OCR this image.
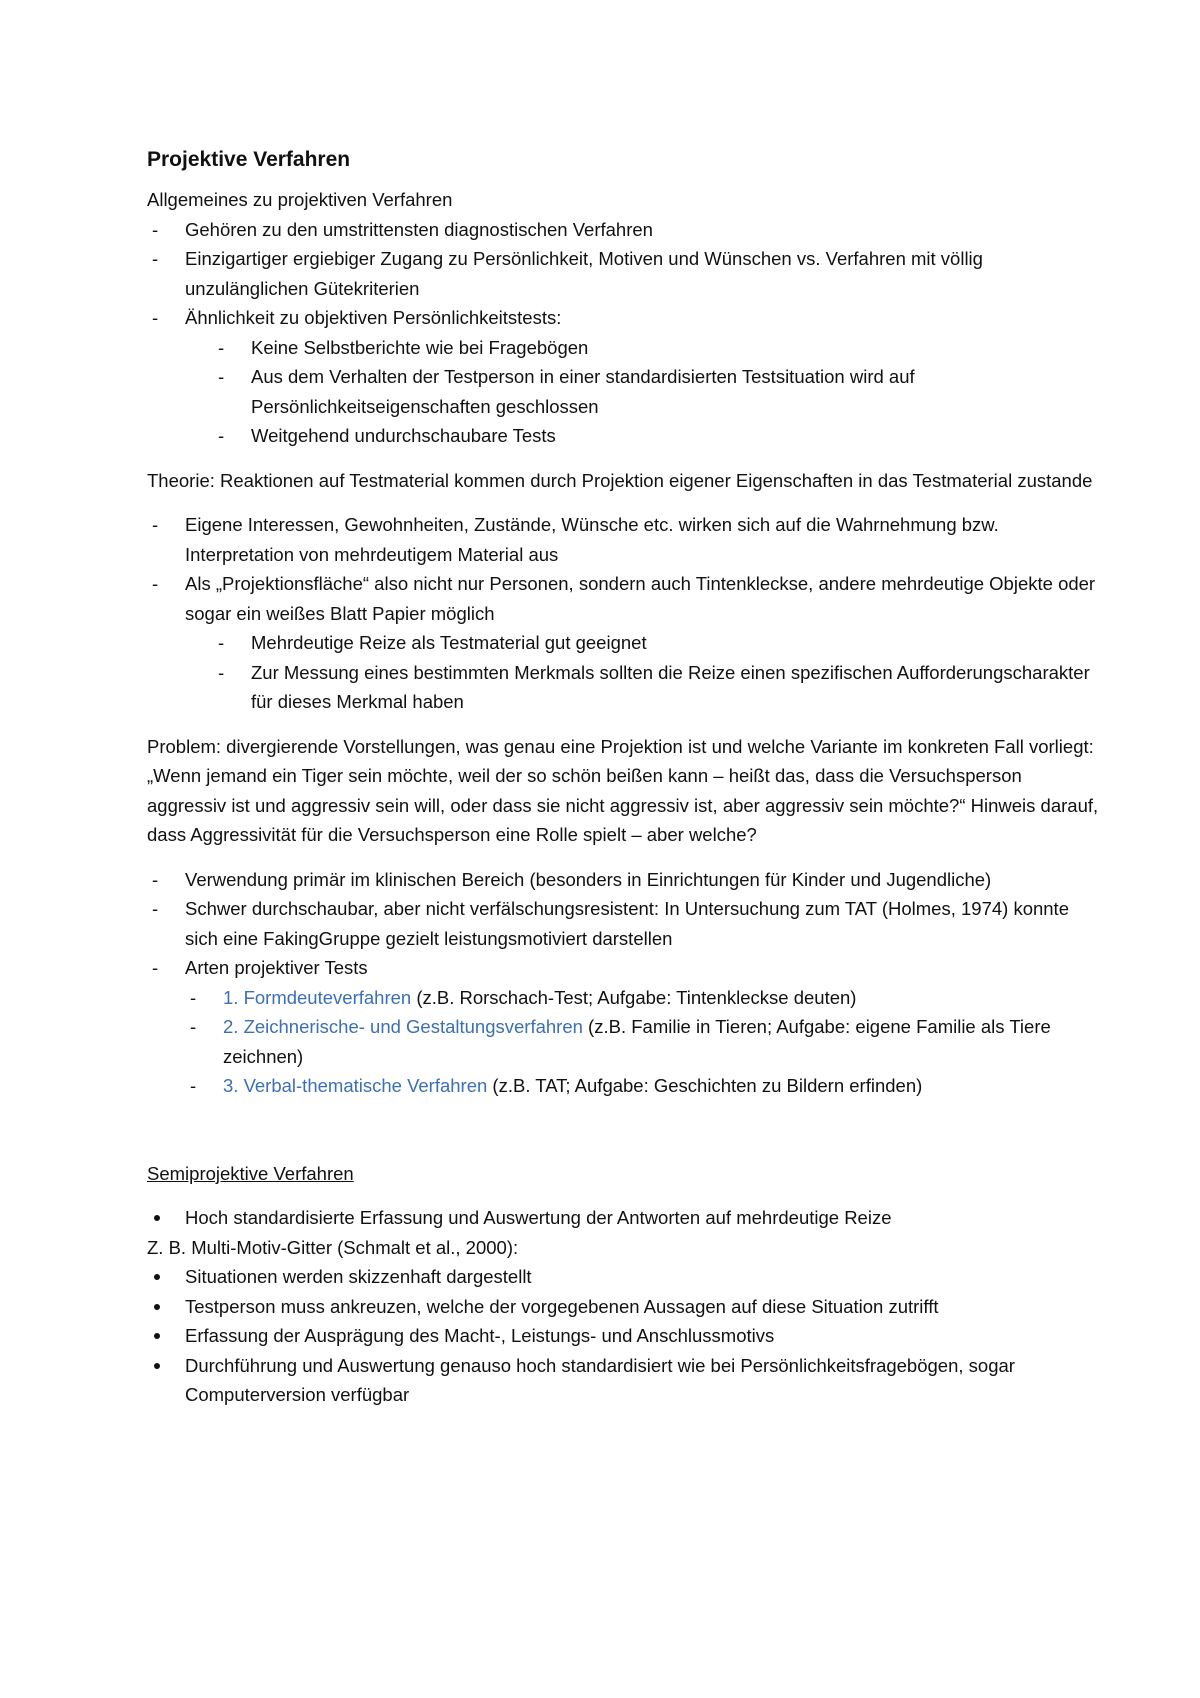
Projektive Verfahren

Allgemeines zu projektiven Verfahren

- Gehören zu den umstrittensten diagnostischen Verfahren
- Einzigartiger ergiebiger Zugang zu Persönlichkeit, Motiven und Wünschen vs. Verfahren mit völlig unzulänglichen Gütekriterien
- Ähnlichkeit zu objektiven Persönlichkeitstests:
- Keine Selbstberichte wie bei Fragebögen
- Aus dem Verhalten der Testperson in einer standardisierten Testsituation wird auf Persönlichkeitseigenschaften geschlossen
- Weitgehend undurchschaubare Tests

Theorie: Reaktionen auf Testmaterial kommen durch Projektion eigener Eigenschaften in das Testmaterial zustande

- Eigene Interessen, Gewohnheiten, Zustände, Wünsche etc. wirken sich auf die Wahrnehmung bzw. Interpretation von mehrdeutigem Material aus
- Als „Projektionsfläche“ also nicht nur Personen, sondern auch Tintenkleckse, andere mehrdeutige Objekte oder sogar ein weißes Blatt Papier möglich
- Mehrdeutige Reize als Testmaterial gut geeignet
- Zur Messung eines bestimmten Merkmals sollten die Reize einen spezifischen Aufforderungscharakter für dieses Merkmal haben

Problem: divergierende Vorstellungen, was genau eine Projektion ist und welche Variante im konkreten Fall vorliegt: „Wenn jemand ein Tiger sein möchte, weil der so schön beißen kann – heißt das, dass die Versuchsperson aggressiv ist und aggressiv sein will, oder dass sie nicht aggressiv ist, aber aggressiv sein möchte?“ Hinweis darauf, dass Aggressivität für die Versuchsperson eine Rolle spielt – aber welche?

- Verwendung primär im klinischen Bereich (besonders in Einrichtungen für Kinder und Jugendliche)
- Schwer durchschaubar, aber nicht verfälschungsresistent: In Untersuchung zum TAT (Holmes, 1974) konnte sich eine FakingGruppe gezielt leistungsmotiviert darstellen
- Arten projektiver Tests
- 1. Formdeuteverfahren (z.B. Rorschach-Test; Aufgabe: Tintenkleckse deuten)
- 2. Zeichnerische- und Gestaltungsverfahren (z.B. Familie in Tieren; Aufgabe: eigene Familie als Tiere zeichnen)
- 3. Verbal-thematische Verfahren (z.B. TAT; Aufgabe: Geschichten zu Bildern erfinden)

Semiprojektive Verfahren

Hoch standardisierte Erfassung und Auswertung der Antworten auf mehrdeutige Reize

Z. B. Multi-Motiv-Gitter (Schmalt et al., 2000):

Situationen werden skizzenhaft dargestellt
Testperson muss ankreuzen, welche der vorgegebenen Aussagen auf diese Situation zutrifft
Erfassung der Ausprägung des Macht-, Leistungs- und Anschlussmotivs
Durchführung und Auswertung genauso hoch standardisiert wie bei Persönlichkeitsfragebögen, sogar Computerversion verfügbar
